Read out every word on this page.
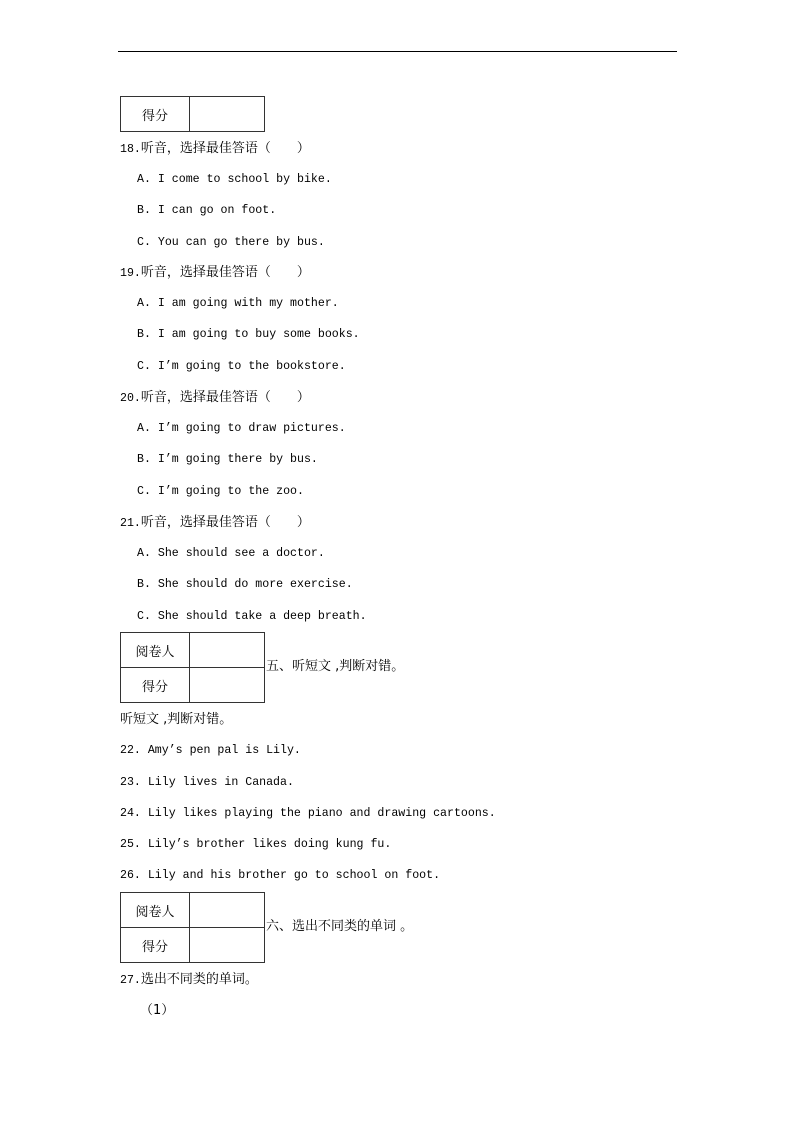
得分	
18.听音，选择最佳答语（　　）
A. I come to school by bike.
B. I can go on foot.
C. You can go there by bus.
19.听音，选择最佳答语（　　）
A. I am going with my mother.
B. I am going to buy some books.
C. I’m going to the bookstore.
20.听音，选择最佳答语（　　）
A. I’m going to draw pictures.
B. I’m going there by bus.
C. I’m going to the zoo.
21.听音，选择最佳答语（　　）
A. She should see a doctor.
B. She should do more exercise.
C. She should take a deep breath.
阅卷人	
得分	
五、听短文 ,判断对错。
听短文 ,判断对错。
22. Amy’s pen pal is Lily.
23. Lily lives in Canada.
24. Lily likes playing the piano and drawing cartoons.
25. Lily’s brother likes doing kung fu.
26. Lily and his brother go to school on foot.
阅卷人	
得分	
六、选出不同类的单词 。
27.选出不同类的单词。
（1）
